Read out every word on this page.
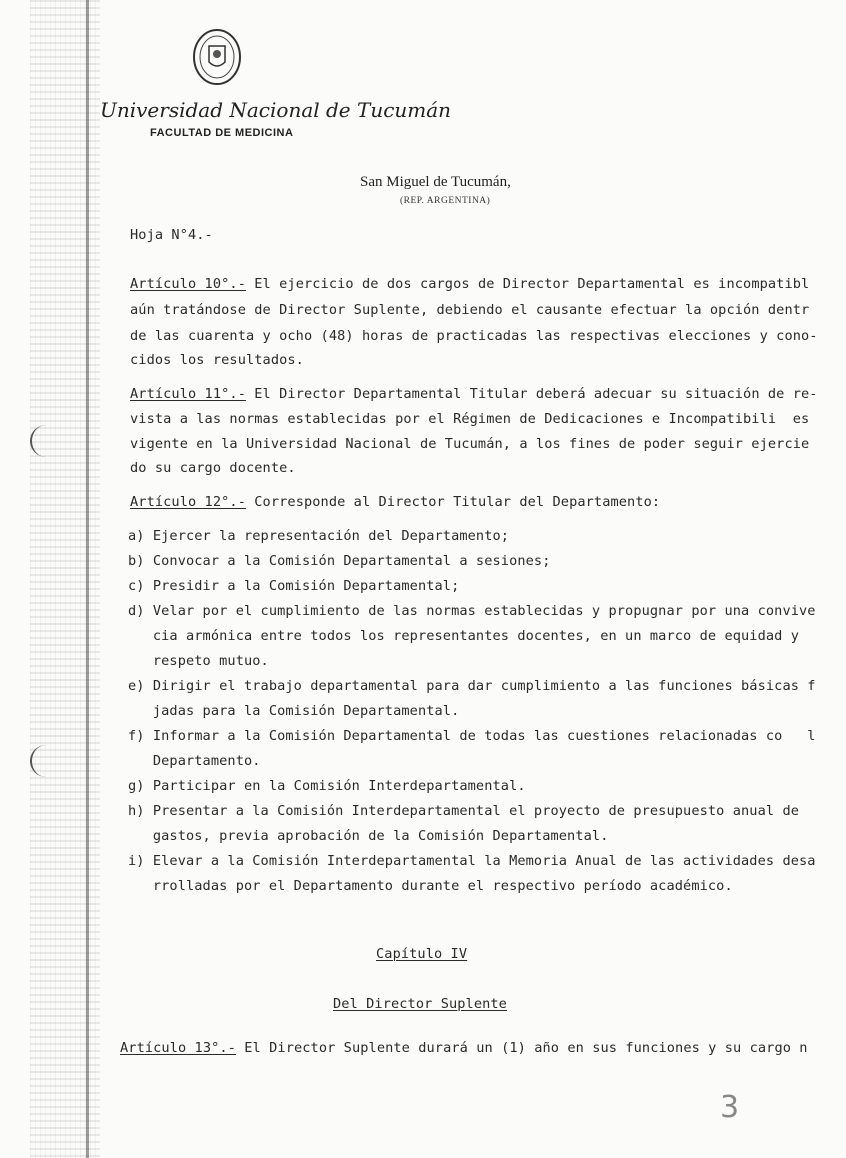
Universidad Nacional de Tucumán
FACULTAD DE MEDICINA
San Miguel de Tucumán,
(REP. ARGENTINA)
Hoja N°4.-
Artículo 10°.- El ejercicio de dos cargos de Director Departamental es incompatibl
aún tratándose de Director Suplente, debiendo el causante efectuar la opción dentr
de las cuarenta y ocho (48) horas de practicadas las respectivas elecciones y cono-
cidos los resultados.
Artículo 11°.- El Director Departamental Titular deberá adecuar su situación de re-
vista a las normas establecidas por el Régimen de Dedicaciones e Incompatibili  es
vigente en la Universidad Nacional de Tucumán, a los fines de poder seguir ejercie
do su cargo docente.
Artículo 12°.- Corresponde al Director Titular del Departamento:
a) Ejercer la representación del Departamento;
b) Convocar a la Comisión Departamental a sesiones;
c) Presidir a la Comisión Departamental;
d) Velar por el cumplimiento de las normas establecidas y propugnar por una convive
cia armónica entre todos los representantes docentes, en un marco de equidad y
respeto mutuo.
e) Dirigir el trabajo departamental para dar cumplimiento a las funciones básicas f
jadas para la Comisión Departamental.
f) Informar a la Comisión Departamental de todas las cuestiones relacionadas co   l
Departamento.
g) Participar en la Comisión Interdepartamental.
h) Presentar a la Comisión Interdepartamental el proyecto de presupuesto anual de
gastos, previa aprobación de la Comisión Departamental.
i) Elevar a la Comisión Interdepartamental la Memoria Anual de las actividades desa
rrolladas por el Departamento durante el respectivo período académico.
Capítulo IV
Del Director Suplente
Artículo 13°.- El Director Suplente durará un (1) año en sus funciones y su cargo n
3
